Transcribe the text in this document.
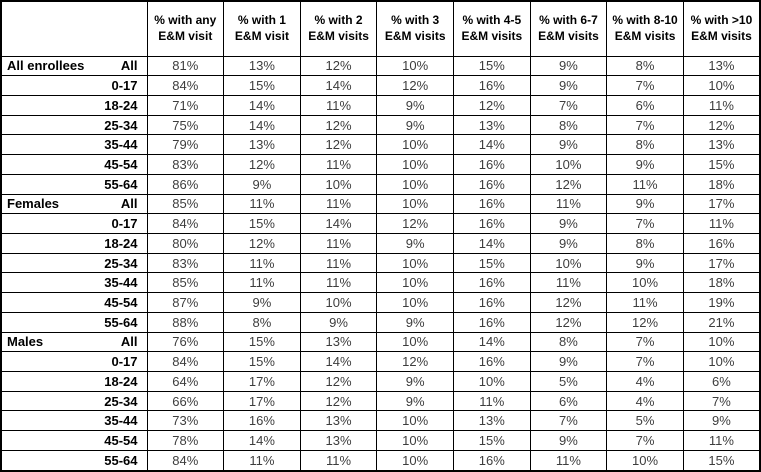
	% with any E&M visit	% with 1 E&M visit	% with 2 E&M visits	% with 3 E&M visits	% with 4-5 E&M visits	% with 6-7 E&M visits	% with 8-10 E&M visits	% with >10 E&M visits

All enrollees All	81%	13%	12%	10%	15%	9%	8%	13%

0-17	84%	15%	14%	12%	16%	9%	7%	10%

18-24	71%	14%	11%	9%	12%	7%	6%	11%

25-34	75%	14%	12%	9%	13%	8%	7%	12%

35-44	79%	13%	12%	10%	14%	9%	8%	13%

45-54	83%	12%	11%	10%	16%	10%	9%	15%

55-64	86%	9%	10%	10%	16%	12%	11%	18%

Females All	85%	11%	11%	10%	16%	11%	9%	17%

0-17	84%	15%	14%	12%	16%	9%	7%	11%

18-24	80%	12%	11%	9%	14%	9%	8%	16%

25-34	83%	11%	11%	10%	15%	10%	9%	17%

35-44	85%	11%	11%	10%	16%	11%	10%	18%

45-54	87%	9%	10%	10%	16%	12%	11%	19%

55-64	88%	8%	9%	9%	16%	12%	12%	21%

Males All	76%	15%	13%	10%	14%	8%	7%	10%

0-17	84%	15%	14%	12%	16%	9%	7%	10%

18-24	64%	17%	12%	9%	10%	5%	4%	6%

25-34	66%	17%	12%	9%	11%	6%	4%	7%

35-44	73%	16%	13%	10%	13%	7%	5%	9%

45-54	78%	14%	13%	10%	15%	9%	7%	11%

55-64	84%	11%	11%	10%	16%	11%	10%	15%
